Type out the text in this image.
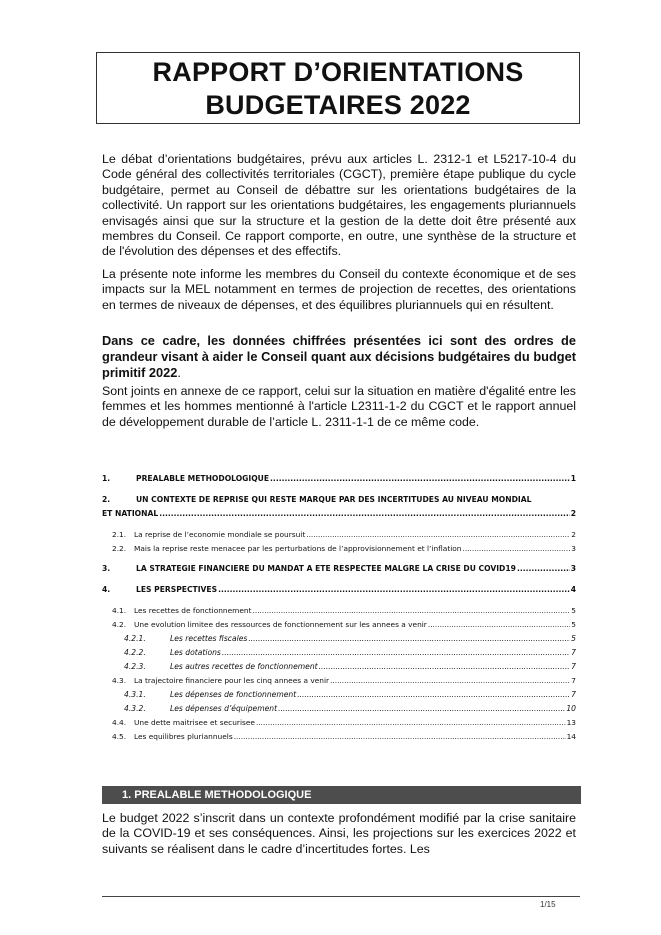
RAPPORT D’ORIENTATIONS
BUDGETAIRES 2022

Le débat d’orientations budgétaires, prévu aux articles L. 2312-1 et L5217-10-4 du Code général des collectivités territoriales (CGCT), première étape publique du cycle budgétaire, permet au Conseil de débattre sur les orientations budgétaires de la collectivité. Un rapport sur les orientations budgétaires, les engagements pluriannuels envisagés ainsi que sur la structure et la gestion de la dette doit être présenté aux membres du Conseil. Ce rapport comporte, en outre, une synthèse de la structure et de l'évolution des dépenses et des effectifs.

La présente note informe les membres du Conseil du contexte économique et de ses impacts sur la MEL notamment en termes de projection de recettes, des orientations en termes de niveaux de dépenses, et des équilibres pluriannuels qui en résultent.

Dans ce cadre, les données chiffrées présentées ici sont des ordres de grandeur visant à aider le Conseil quant aux décisions budgétaires du budget primitif 2022.

Sont joints en annexe de ce rapport, celui sur la situation en matière d'égalité entre les femmes et les hommes mentionné à l'article L2311-1-2 du CGCT et le rapport annuel de développement durable de l’article L. 2311-1-1 de ce même code.

1.	PREALABLE METHODOLOGIQUE .....	1
2.	UN CONTEXTE DE REPRISE QUI RESTE MARQUE PAR DES INCERTITUDES AU NIVEAU MONDIAL
ET NATIONAL .....	2
2.1.	La reprise de l’economie mondiale se poursuit .....	2
2.2.	Mais la reprise reste menacee par les perturbations de l’approvisionnement et l’inflation .....	3
3.	LA STRATEGIE FINANCIERE DU MANDAT A ETE RESPECTEE MALGRE LA CRISE DU COVID19 .....	3
4.	LES PERSPECTIVES .....	4
4.1.	Les recettes de fonctionnement .....	5
4.2.	Une evolution limitee des ressources de fonctionnement sur les annees a venir .....	5
4.2.1.	Les recettes fiscales .....	5
4.2.2.	Les dotations .....	7
4.2.3.	Les autres recettes de fonctionnement .....	7
4.3.	La trajectoire financiere pour les cinq annees a venir .....	7
4.3.1.	Les dépenses de fonctionnement .....	7
4.3.2.	Les dépenses d’équipement .....	10
4.4.	Une dette maitrisee et securisee .....	13
4.5.	Les equilibres pluriannuels .....	14
1. PREALABLE METHODOLOGIQUE

Le budget 2022 s’inscrit dans un contexte profondément modifié par la crise sanitaire de la COVID-19 et ses conséquences. Ainsi, les projections sur les exercices 2022 et suivants se réalisent dans le cadre d’incertitudes fortes. Les

1/15
